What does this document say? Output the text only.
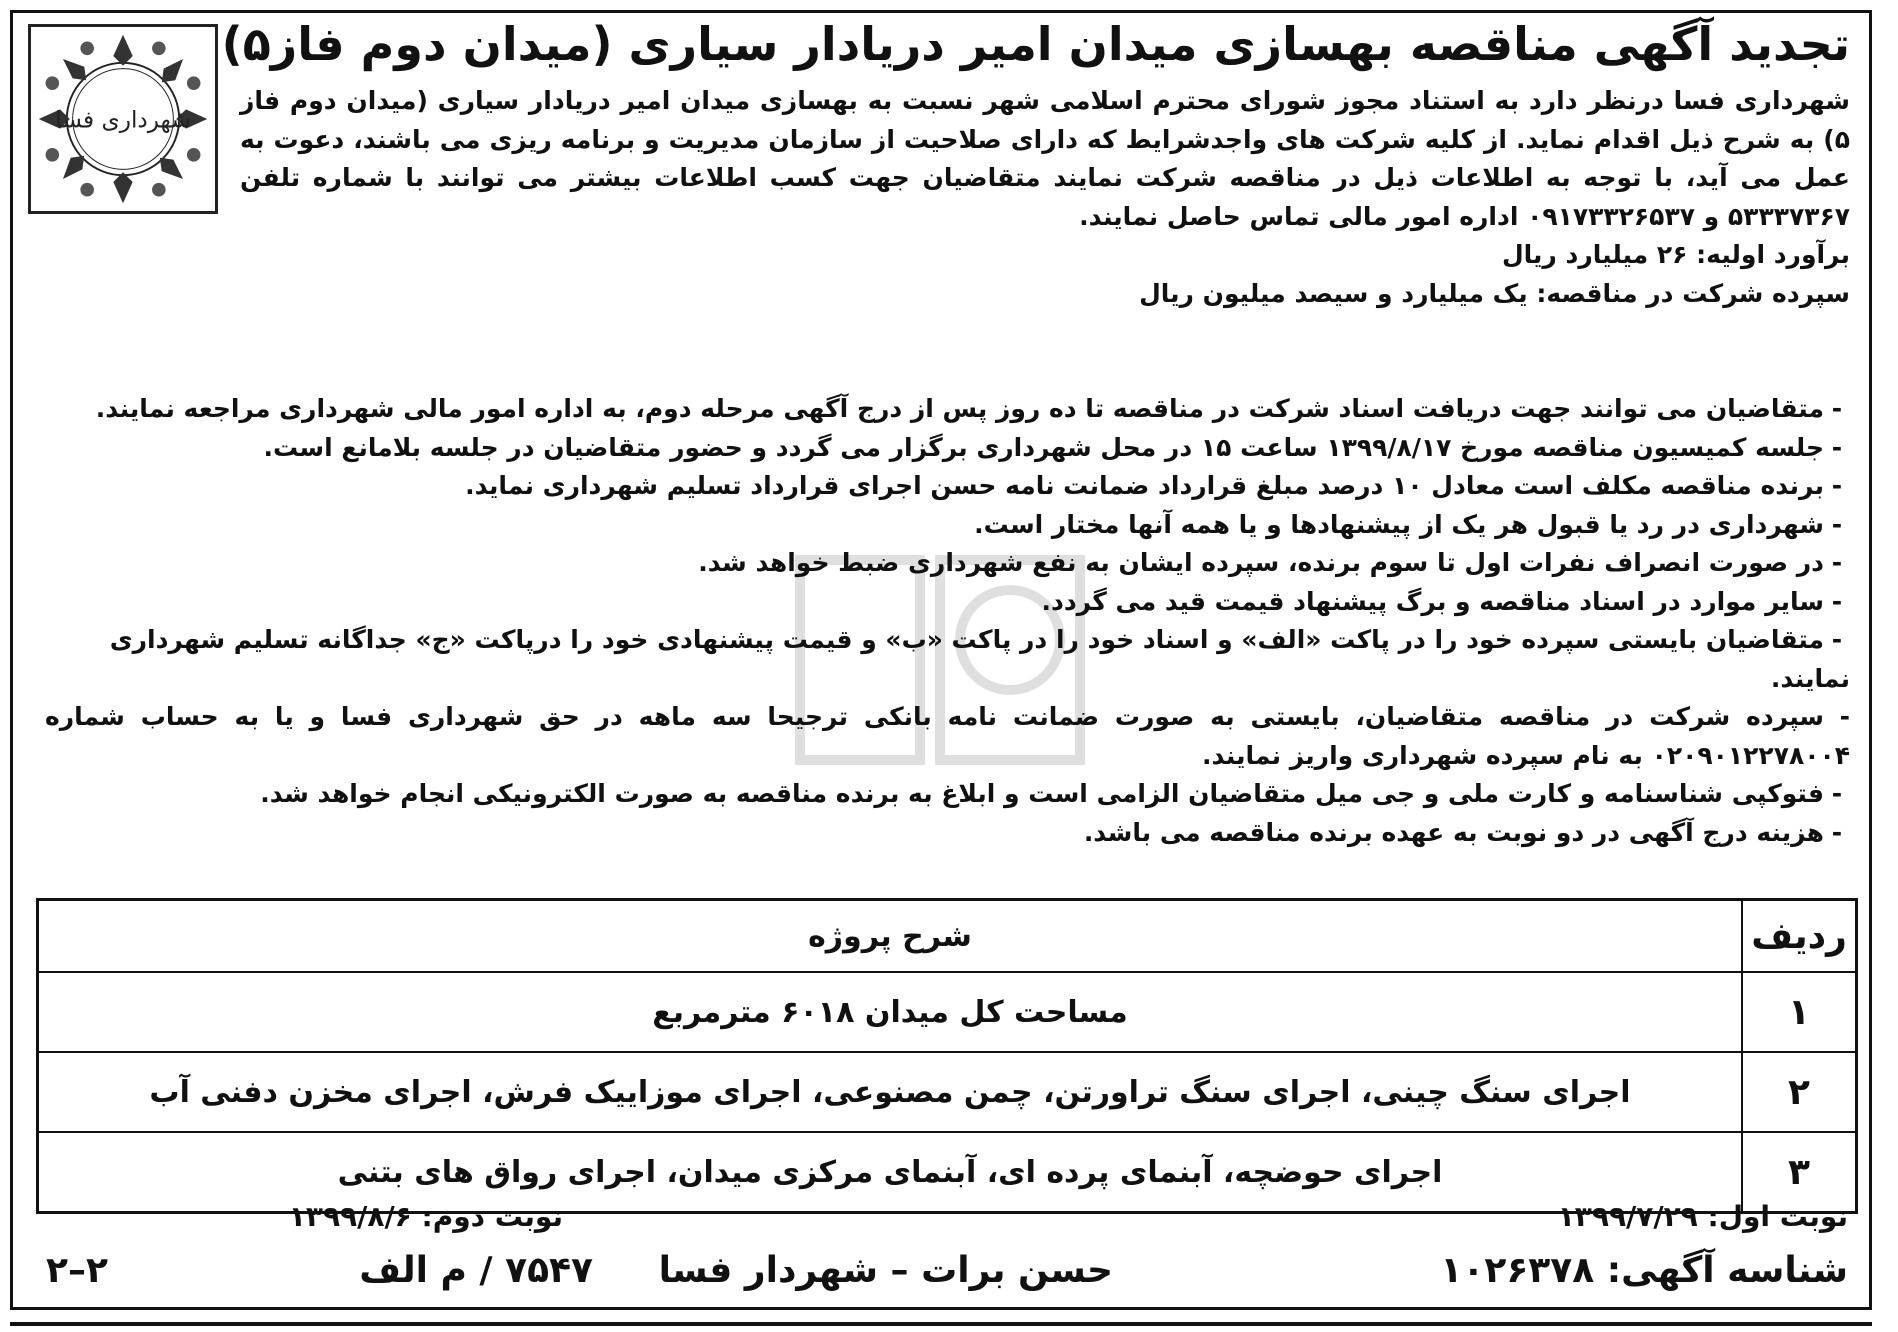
شهرداری فسا
تجدید آگهی مناقصه بهسازی میدان امیر دریادار سیاری (میدان دوم فاز۵)

شهرداری فسا درنظر دارد به استناد مجوز شورای محترم اسلامی شهر نسبت به بهسازی میدان امیر دریادار سیاری (میدان دوم فاز ۵) به شرح ذیل اقدام نماید. از کلیه شرکت های واجدشرایط که دارای صلاحیت از سازمان مدیریت و برنامه ریزی می باشند، دعوت به عمل می آید، با توجه به اطلاعات ذیل در مناقصه شرکت نمایند متقاضیان جهت کسب اطلاعات بیشتر می توانند با شماره تلفن ۵۳۳۳۷۳۶۷ و ۰۹۱۷۳۳۲۶۵۳۷ اداره امور مالی تماس حاصل نمایند.

برآورد اولیه: ۲۶ میلیارد ریال

سپرده شرکت در مناقصه: یک میلیارد و سیصد میلیون ریال

-متقاضیان می توانند جهت دریافت اسناد شرکت در مناقصه تا ده روز پس از درج آگهی مرحله دوم، به اداره امور مالی شهرداری مراجعه نمایند.

-جلسه کمیسیون مناقصه مورخ ۱۳۹۹/۸/۱۷ ساعت ۱۵ در محل شهرداری برگزار می گردد و حضور متقاضیان در جلسه بلامانع است.

-برنده مناقصه مکلف است معادل ۱۰ درصد مبلغ قرارداد ضمانت نامه حسن اجرای قرارداد تسلیم شهرداری نماید.

-شهرداری در رد یا قبول هر یک از پیشنهادها و یا همه آنها مختار است.

-در صورت انصراف نفرات اول تا سوم برنده، سپرده ایشان به نفع شهرداری ضبط خواهد شد.

-سایر موارد در اسناد مناقصه و برگ پیشنهاد قیمت قید می گردد.

-متقاضیان بایستی سپرده خود را در پاکت «الف» و اسناد خود را در پاکت «ب» و قیمت پیشنهادی خود را درپاکت «ج» جداگانه تسلیم شهرداری نمایند.

-سپرده شرکت در مناقصه متقاضیان، بایستی به صورت ضمانت نامه بانکی ترجیحا سه ماهه در حق شهرداری فسا و یا به حساب شماره ۰۲۰۹۰۱۲۲۷۸۰۰۴ به نام سپرده شهرداری واریز نمایند.

-فتوکپی شناسنامه و کارت ملی و جی میل متقاضیان الزامی است و ابلاغ به برنده مناقصه به صورت الکترونیکی انجام خواهد شد.

-هزینه درج آگهی در دو نوبت به عهده برنده مناقصه می باشد.

ردیف	شرح پروژه
۱	مساحت کل میدان ۶۰۱۸ مترمربع
۲	اجرای سنگ چینی، اجرای سنگ تراورتن، چمن مصنوعی، اجرای موزاییک فرش، اجرای مخزن دفنی آب
۳	اجرای حوضچه، آبنمای پرده ای، آبنمای مرکزی میدان، اجرای رواق های بتنی
نوبت اول: ۱۳۹۹/۷/۲۹
نوبت دوم: ۱۳۹۹/۸/۶
شناسه آگهی: ۱۰۲۶۳۷۸
حسن برات – شهردار فسا
۷۵۴۷ / م الف
۲–۲
